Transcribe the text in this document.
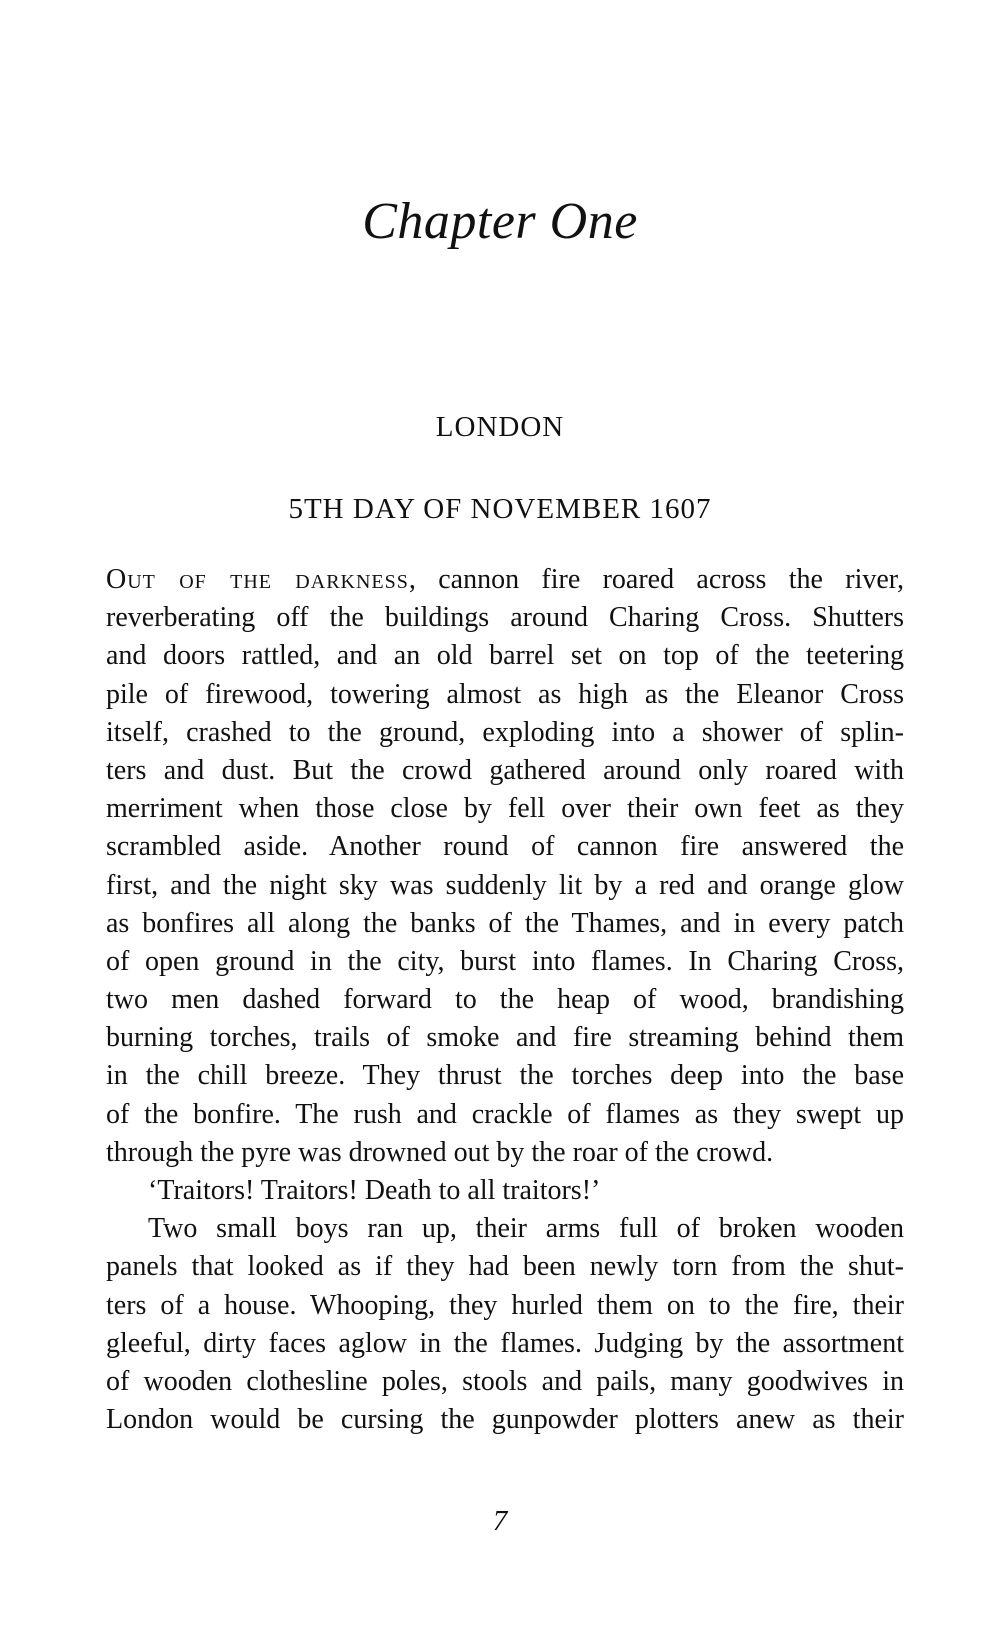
Chapter One
LONDON
5TH DAY OF NOVEMBER 1607
Out of the darkness, cannon fire roared across the river,
reverberating off the buildings around Charing Cross. Shutters
and doors rattled, and an old barrel set on top of the teetering
pile of firewood, towering almost as high as the Eleanor Cross
itself, crashed to the ground, exploding into a shower of splin-
ters and dust. But the crowd gathered around only roared with
merriment when those close by fell over their own feet as they
scrambled aside. Another round of cannon fire answered the
first, and the night sky was suddenly lit by a red and orange glow
as bonfires all along the banks of the Thames, and in every patch
of open ground in the city, burst into flames. In Charing Cross,
two men dashed forward to the heap of wood, brandishing
burning torches, trails of smoke and fire streaming behind them
in the chill breeze. They thrust the torches deep into the base
of the bonfire. The rush and crackle of flames as they swept up
through the pyre was drowned out by the roar of the crowd.
‘Traitors! Traitors! Death to all traitors!’
Two small boys ran up, their arms full of broken wooden
panels that looked as if they had been newly torn from the shut-
ters of a house. Whooping, they hurled them on to the fire, their
gleeful, dirty faces aglow in the flames. Judging by the assortment
of wooden clothesline poles, stools and pails, many goodwives in
London would be cursing the gunpowder plotters anew as their
7
